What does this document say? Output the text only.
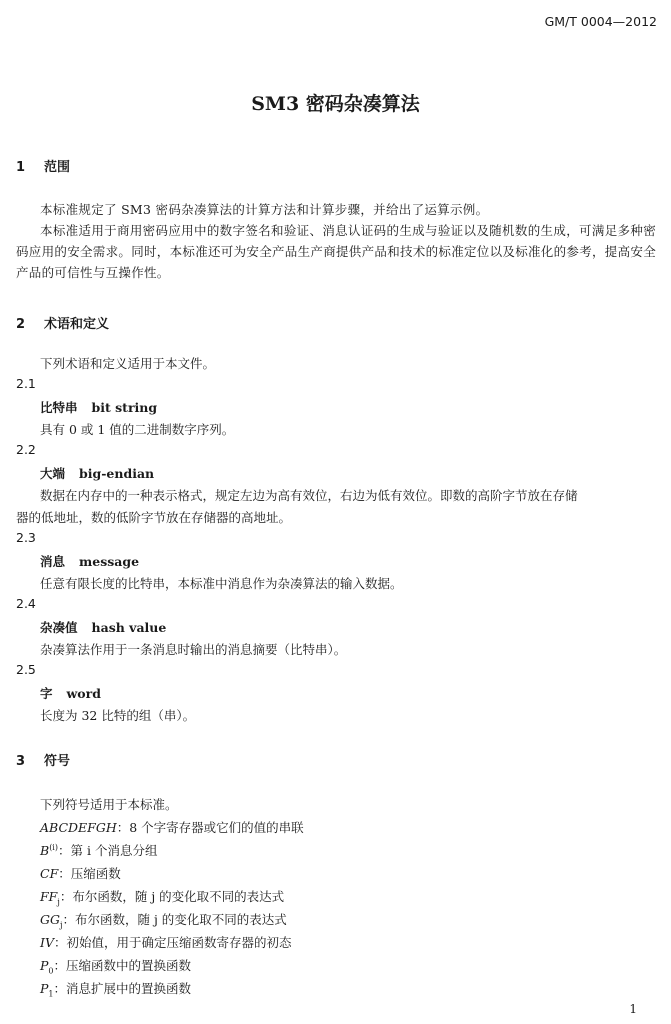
GM/T 0004—2012
SM3 密码杂凑算法
1 范围
本标准规定了 SM3 密码杂凑算法的计算方法和计算步骤，并给出了运算示例。
本标准适用于商用密码应用中的数字签名和验证、消息认证码的生成与验证以及随机数的生成，可满足多种密码应用的安全需求。同时，本标准还可为安全产品生产商提供产品和技术的标准定位以及标准化的参考，提高安全产品的可信性与互操作性。
2 术语和定义
下列术语和定义适用于本文件。
2.1
比特串 bit string
具有 0 或 1 值的二进制数字序列。
2.2
大端 big-endian
数据在内存中的一种表示格式，规定左边为高有效位，右边为低有效位。即数的高阶字节放在存储
器的低地址，数的低阶字节放在存储器的高地址。
2.3
消息 message
任意有限长度的比特串，本标准中消息作为杂凑算法的输入数据。
2.4
杂凑值 hash value
杂凑算法作用于一条消息时输出的消息摘要（比特串）。
2.5
字 word
长度为 32 比特的组（串）。
3 符号
下列符号适用于本标准。
ABCDEFGH：8 个字寄存器或它们的值的串联
$B^{(i)}$：第 i 个消息分组
CF：压缩函数
$FF_j$：布尔函数，随 j 的变化取不同的表达式
$GG_j$：布尔函数，随 j 的变化取不同的表达式
IV：初始值，用于确定压缩函数寄存器的初态
$P_0$：压缩函数中的置换函数
$P_1$：消息扩展中的置换函数
1
